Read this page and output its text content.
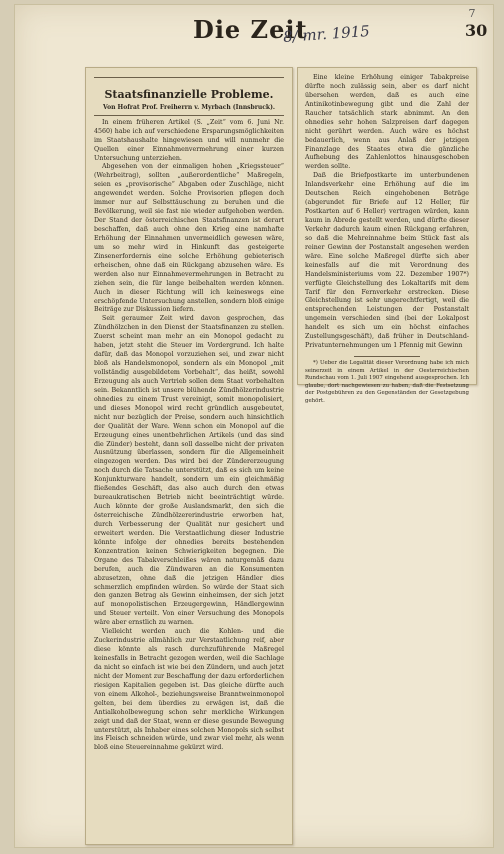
Die Zeit
8/ mr. 1915	30
7
Staatsfinanzielle Probleme.
Von Hofrat Prof. Freiherrn v. Myrbach (Innsbruck).

In einem früheren Artikel (S. „Zeit“ vom 6. Juni Nr. 4560) habe ich auf verschiedene Ersparungsmöglichkeiten im Staatshaushalte hingewiesen und will nunmehr die Quellen einer Einnahmenvermehrung einer kurzen Untersuchung unterziehen.

Abgesehen von der einmaligen hohen „Kriegssteuer“ (Wehrbeitrag), sollten „außerordentliche“ Maßregeln, seien es „provisorische“ Abgaben oder Zuschläge, nicht angewendet werden. Solche Provisorien pflegen doch immer nur auf Selbsttäuschung zu beruhen und die Bevölkerung, weil sie fast nie wieder aufgehoben werden. Der Stand der österreichischen Staatsfinanzen ist derart beschaffen, daß auch ohne den Krieg eine namhafte Erhöhung der Einnahmen unvermeidlich gewesen wäre, um so mehr wird in Hinkunft das gesteigerte Zinsenerfordernis eine solche Erhöhung gebieterisch erheischen, ohne daß ein Rückgang abzusehen wäre. Es werden also nur Einnahmevermehrungen in Betracht zu ziehen sein, die für lange beibehalten werden können. Auch in dieser Richtung will ich keineswegs eine erschöpfende Untersuchung anstellen, sondern bloß einige Beiträge zur Diskussion liefern.

Seit geraumer Zeit wird davon gesprochen, das Zündhölzchen in den Dienst der Staatsfinanzen zu stellen. Zuerst scheint man mehr an ein Monopol gedacht zu haben, jetzt steht die Steuer im Vordergrund. Ich halte dafür, daß das Monopol vorzuziehen sei, und zwar nicht bloß als Handelsmonopol, sondern als ein Monopol „mit vollständig ausgebildetem Vorbehalt“, das heißt, sowohl Erzeugung als auch Vertrieb sollen dem Staat vorbehalten sein. Bekanntlich ist unsere blühende Zündhölzerindustrie ohnedies zu einem Trust vereinigt, somit monopolisiert, und dieses Monopol wird recht gründlich ausgebeutet, nicht nur bezüglich der Preise, sondern auch hinsichtlich der Qualität der Ware. Wenn schon ein Monopol auf die Erzeugung eines unentbehrlichen Artikels (und das sind die Zünder) besteht, dann soll dasselbe nicht der privaten Ausnützung überlassen, sondern für die Allgemeinheit eingezogen werden. Das wird bei der Zündererzeugung noch durch die Tatsache unterstützt, daß es sich um keine Konjunkturware handelt, sondern um ein gleichmäßig fließendes Geschäft, das also auch durch den etwas bureaukratischen Betrieb nicht beeinträchtigt würde. Auch könnte der große Auslandsmarkt, den sich die österreichische Zündhölzererindustrie erworben hat, durch Verbesserung der Qualität nur gesichert und erweitert werden. Die Verstaatlichung dieser Industrie könnte infolge der ohnedies bereits bestehenden Konzentration keinen Schwierigkeiten begegnen. Die Organe des Tabakverschleißes wären naturgemäß dazu berufen, auch die Zündwaren an die Konsumenten abzusetzen, ohne daß die jetzigen Händler dies schmerzlich empfinden würden. So würde der Staat sich den ganzen Betrag als Gewinn einheimsen, der sich jetzt auf monopolistischen Erzeugergewinn, Händlergewinn und Steuer verteilt. Von einer Versuchung des Monopols wäre aber ernstlich zu warnen.

Vielleicht werden auch die Kohlen- und die Zuckerindustrie allmählich zur Verstaatlichung reif, aber diese könnte als rasch durchzuführende Maßregel keinesfalls in Betracht gezogen werden, weil die Sachlage da nicht so einfach ist wie bei den Zündern, und auch jetzt nicht der Moment zur Beschaffung der dazu erforderlichen riesigen Kapitalien gegeben ist. Das gleiche dürfte auch von einem Alkohol-, beziehungsweise Branntweinmonopol gelten, bei dem überdies zu erwägen ist, daß die Antialkoholbewegung schon sehr merkliche Wirkungen zeigt und daß der Staat, wenn er diese gesunde Bewegung unterstützt, als Inhaber eines solchen Monopols sich selbst ins Fleisch schneiden würde, und zwar viel mehr, als wenn bloß eine Steuereinnahme gekürzt wird.

Eine kleine Erhöhung einiger Tabakpreise dürfte noch zulässig sein, aber es darf nicht übersehen werden, daß es auch eine Antinikotinbewegung gibt und die Zahl der Raucher tatsächlich stark abnimmt. An den ohnedies sehr hohen Salzpreisen darf dagegen nicht gerührt werden. Auch wäre es höchst bedauerlich, wenn aus Anlaß der jetzigen Finanzlage des Staates etwa die gänzliche Aufhebung des Zahlenlottos hinausgeschoben werden sollte.

Daß die Briefpostkarte im unterbundenen Inlandsverkehr eine Erhöhung auf die im Deutschen Reich eingehobenen Beträge (abgerundet für Briefe auf 12 Heller, für Postkarten auf 6 Heller) vertragen würden, kann kaum in Abrede gestellt werden, und dürfte dieser Verkehr dadurch kaum einen Rückgang erfahren, so daß die Mehreinnahme beim Stück fast als reiner Gewinn der Postanstalt angesehen werden wäre. Eine solche Maßregel dürfte sich aber keinesfalls auf die mit Verordnung des Handelsministeriums vom 22. Dezember 1907*) verfügte Gleichstellung des Lokaltarifs mit dem Tarif für den Fernverkehr erstrecken. Diese Gleichstellung ist sehr ungerechtfertigt, weil die entsprechenden Leistungen der Postanstalt ungemein verschieden sind (bei der Lokalpost handelt es sich um ein höchst einfaches Zustellungsgeschäft), daß früher in Deutschland-Privatunternehmungen um 1 Pfennig mit Gewinn

*) Ueber die Legalität dieser Verordnung habe ich mich seinerzeit in einem Artikel in der Oesterreichischen Rundschau vom 1. Juli 1907 eingehend ausgesprochen. Ich glaube, dort nachgewiesen zu haben, daß die Festsetzung der Postgebühren zu den Gegenständen der Gesetzgebung gehört.
